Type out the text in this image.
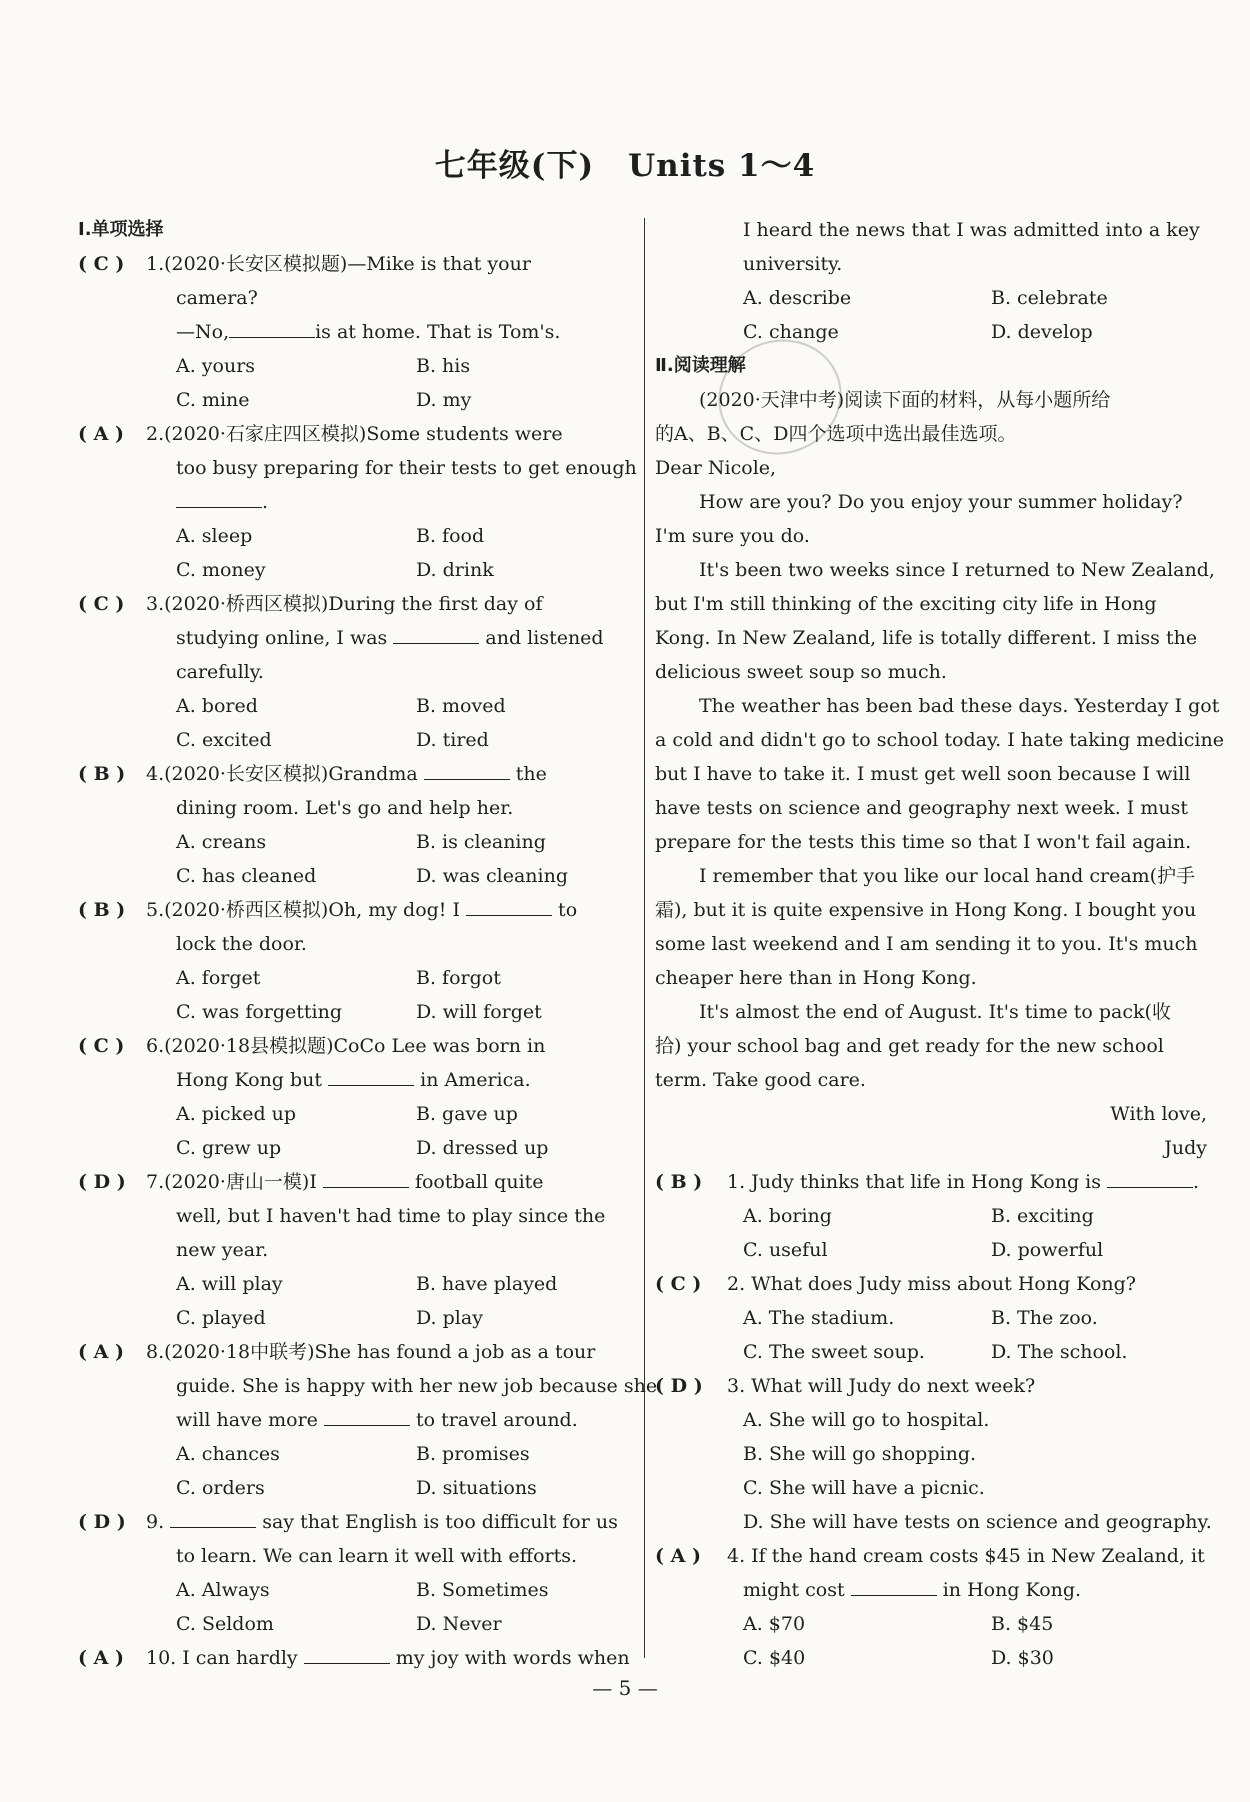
七年级(下) Units 1～4
Ⅰ.单项选择
( C ) 1.(2020·长安区模拟题)—Mike is that your
camera?
—No,	is at home. That is Tom's.
A. yours	B. his
C. mine	D. my
( A ) 2.(2020·石家庄四区模拟)Some students were
too busy preparing for their tests to get enough
.
A. sleep	B. food
C. money	D. drink
( C ) 3.(2020·桥西区模拟)During the first day of
studying online, I was	and listened
carefully.
A. bored	B. moved
C. excited	D. tired
( B ) 4.(2020·长安区模拟)Grandma	the
dining room. Let's go and help her.
A. creans	B. is cleaning
C. has cleaned	D. was cleaning
( B ) 5.(2020·桥西区模拟)Oh, my dog! I	to
lock the door.
A. forget	B. forgot
C. was forgetting	D. will forget
( C ) 6.(2020·18县模拟题)CoCo Lee was born in
Hong Kong but	in America.
A. picked up	B. gave up
C. grew up	D. dressed up
( D ) 7.(2020·唐山一模)I	football quite
well, but I haven't had time to play since the
new year.
A. will play	B. have played
C. played	D. play
( A ) 8.(2020·18中联考)She has found a job as a tour
guide. She is happy with her new job because she
will have more	to travel around.
A. chances	B. promises
C. orders	D. situations
( D ) 9.	say that English is too difficult for us
to learn. We can learn it well with efforts.
A. Always	B. Sometimes
C. Seldom	D. Never
( A ) 10. I can hardly	my joy with words when
I heard the news that I was admitted into a key
university.
A. describe	B. celebrate
C. change	D. develop
Ⅱ.阅读理解
(2020·天津中考)阅读下面的材料，从每小题所给
的A、B、C、D四个选项中选出最佳选项。
Dear Nicole,
How are you? Do you enjoy your summer holiday?
I'm sure you do.
It's been two weeks since I returned to New Zealand,
but I'm still thinking of the exciting city life in Hong
Kong. In New Zealand, life is totally different. I miss the
delicious sweet soup so much.
The weather has been bad these days. Yesterday I got
a cold and didn't go to school today. I hate taking medicine
but I have to take it. I must get well soon because I will
have tests on science and geography next week. I must
prepare for the tests this time so that I won't fail again.
I remember that you like our local hand cream(护手
霜), but it is quite expensive in Hong Kong. I bought you
some last weekend and I am sending it to you. It's much
cheaper here than in Hong Kong.
It's almost the end of August. It's time to pack(收
拾) your school bag and get ready for the new school
term. Take good care.
With love,
Judy
( B ) 1. Judy thinks that life in Hong Kong is	.
A. boring	B. exciting
C. useful	D. powerful
( C ) 2. What does Judy miss about Hong Kong?
A. The stadium.	B. The zoo.
C. The sweet soup.	D. The school.
( D ) 3. What will Judy do next week?
A. She will go to hospital.
B. She will go shopping.
C. She will have a picnic.
D. She will have tests on science and geography.
( A ) 4. If the hand cream costs $45 in New Zealand, it
might cost	in Hong Kong.
A. $70	B. $45
C. $40	D. $30
— 5 —
